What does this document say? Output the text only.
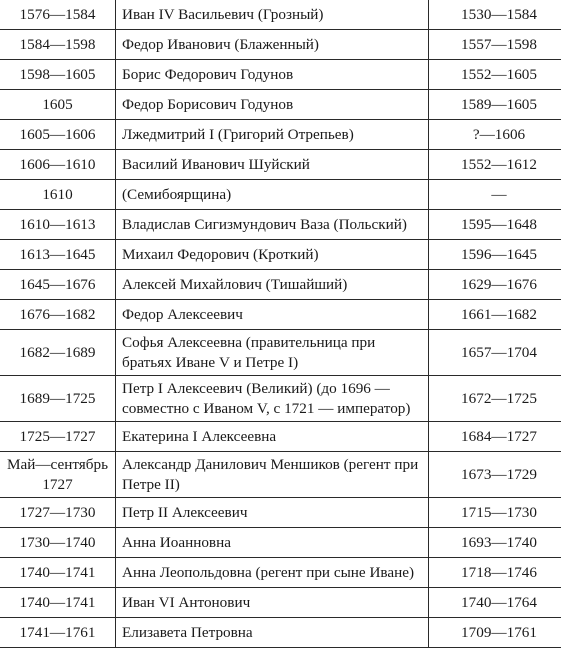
1576—1584	Иван IV Васильевич (Грозный)	1530—1584
1584—1598	Федор Иванович (Блаженный)	1557—1598
1598—1605	Борис Федорович Годунов	1552—1605
1605	Федор Борисович Годунов	1589—1605
1605—1606	Лжедмитрий I (Григорий Отрепьев)	?—1606
1606—1610	Василий Иванович Шуйский	1552—1612
1610	(Семибоярщина)	—
1610—1613	Владислав Сигизмундович Ваза (Польский)	1595—1648
1613—1645	Михаил Федорович (Кроткий)	1596—1645
1645—1676	Алексей Михайлович (Тишайший)	1629—1676
1676—1682	Федор Алексеевич	1661—1682
1682—1689	Софья Алексеевна (правительница при братьях Иване V и Петре I)	1657—1704
1689—1725	Петр I Алексеевич (Великий) (до 1696 — совместно с Иваном V, с 1721 — император)	1672—1725
1725—1727	Екатерина I Алексеевна	1684—1727
Май—сентябрь 1727	Александр Данилович Меншиков (регент при Петре II)	1673—1729
1727—1730	Петр II Алексеевич	1715—1730
1730—1740	Анна Иоанновна	1693—1740
1740—1741	Анна Леопольдовна (регент при сыне Иване)	1718—1746
1740—1741	Иван VI Антонович	1740—1764
1741—1761	Елизавета Петровна	1709—1761
